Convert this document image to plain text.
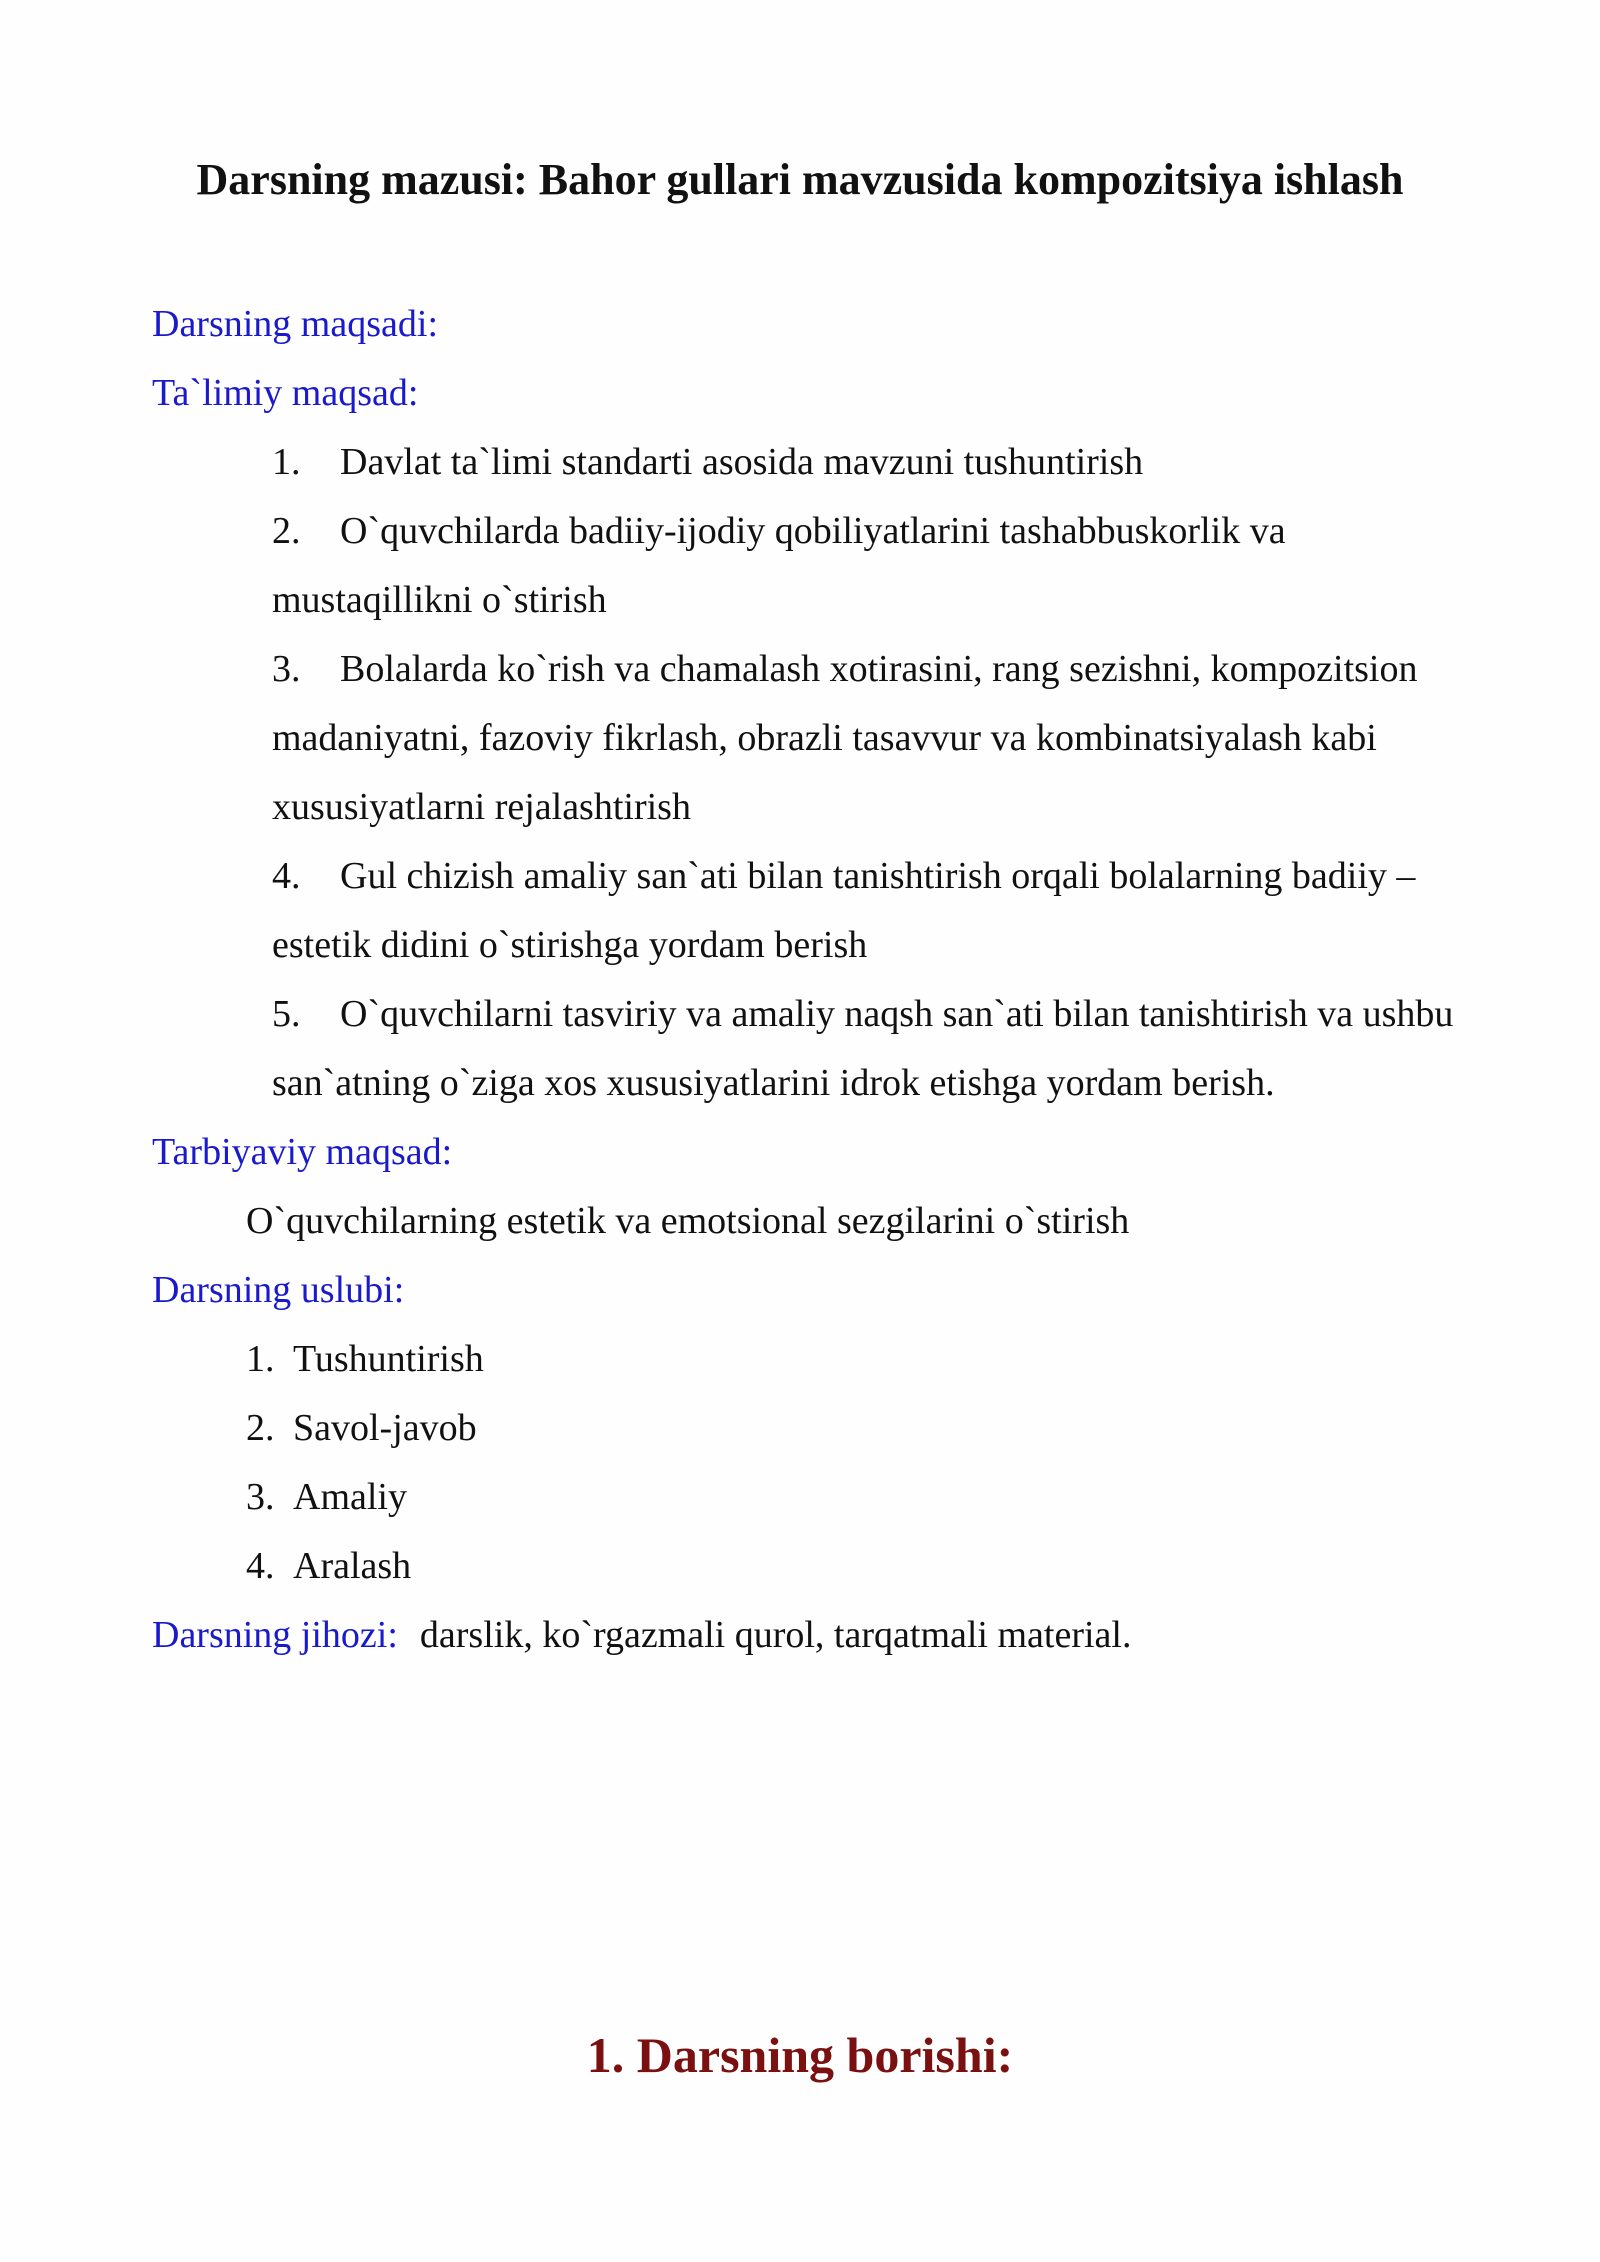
Darsning mazusi: Bahor gullari mavzusida kompozitsiya ishlash

Darsning maqsadi:

Ta`limiy maqsad:

1. Davlat ta`limi standarti asosida mavzuni tushuntirish
2. O`quvchilarda badiiy-ijodiy qobiliyatlarini tashabbuskorlik va mustaqillikni o`stirish
3. Bolalarda ko`rish va chamalash xotirasini, rang sezishni, kompozitsion madaniyatni, fazoviy fikrlash, obrazli tasavvur va kombinatsiyalash kabi xususiyatlarni rejalashtirish
4. Gul chizish amaliy san`ati bilan tanishtirish orqali bolalarning badiiy – estetik didini o`stirishga yordam berish
5. O`quvchilarni tasviriy va amaliy naqsh san`ati bilan tanishtirish va ushbu san`atning o`ziga xos xususiyatlarini idrok etishga yordam berish.

Tarbiyaviy maqsad:

O`quvchilarning estetik va emotsional sezgilarini o`stirish

Darsning uslubi:

1. Tushuntirish
2. Savol-javob
3. Amaliy
4. Aralash

Darsning jihozi: darslik, ko`rgazmali qurol, tarqatmali material.

1. Darsning borishi:
